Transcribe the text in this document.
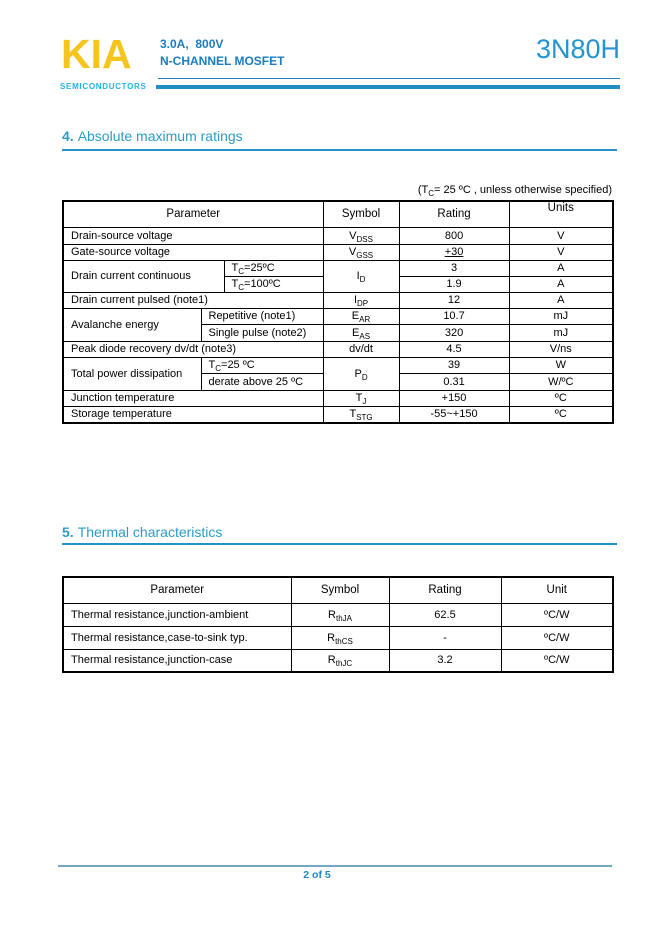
KIA
SEMICONDUCTORS
3.0A,  800V
N-CHANNEL MOSFET	3N80H
4. Absolute maximum ratings
($T_C= 25$ ºC , unless otherwise specified)
Parameter			Symbol	Rating	Units
Drain-source voltage			$V_{DSS}$	800	V
Gate-source voltage			$V_{GSS}$	+30	V
Drain current continuous		$T_C=25ºC$	$I_D$	3	A
		$T_C=100ºC$		1.9	A
Drain current pulsed (note1)			$I_{DP}$	12	A
Avalanche energy	Repetitive (note1)		$E_{AR}$	10.7	mJ
	Single pulse (note2)		$E_{AS}$	320	mJ
Peak diode recovery dv/dt (note3)			dv/dt	4.5	V/ns
Total power dissipation	$T_C=25$ ºC		$P_D$	39	W
	derate above 25 ºC			0.31	W/ºC
Junction temperature			$T_J$	+150	ºC
Storage temperature			$T_{STG}$	-55~+150	ºC
5. Thermal characteristics
Parameter	Symbol	Rating	Unit
Thermal resistance,junction-ambient	$R_{thJA}$	62.5	ºC/W
Thermal resistance,case-to-sink typ.	$R_{thCS}$	-	ºC/W
Thermal resistance,junction-case	$R_{thJC}$	3.2	ºC/W
2 of 5
